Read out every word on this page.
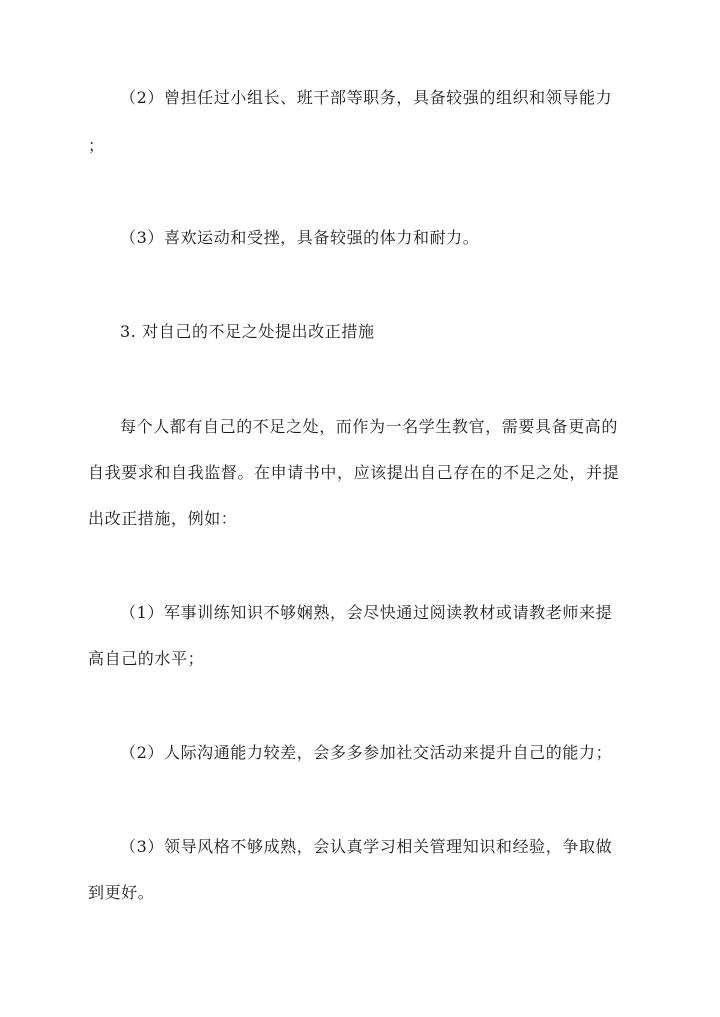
（2）曾担任过小组长、班干部等职务，具备较强的组织和领导能力
；
（3）喜欢运动和受挫，具备较强的体力和耐力。
3. 对自己的不足之处提出改正措施
每个人都有自己的不足之处，而作为一名学生教官，需要具备更高的
自我要求和自我监督。在申请书中，应该提出自己存在的不足之处，并提
出改正措施，例如：
（1）军事训练知识不够娴熟，会尽快通过阅读教材或请教老师来提
高自己的水平；
（2）人际沟通能力较差，会多多参加社交活动来提升自己的能力；
（3）领导风格不够成熟，会认真学习相关管理知识和经验，争取做
到更好。
